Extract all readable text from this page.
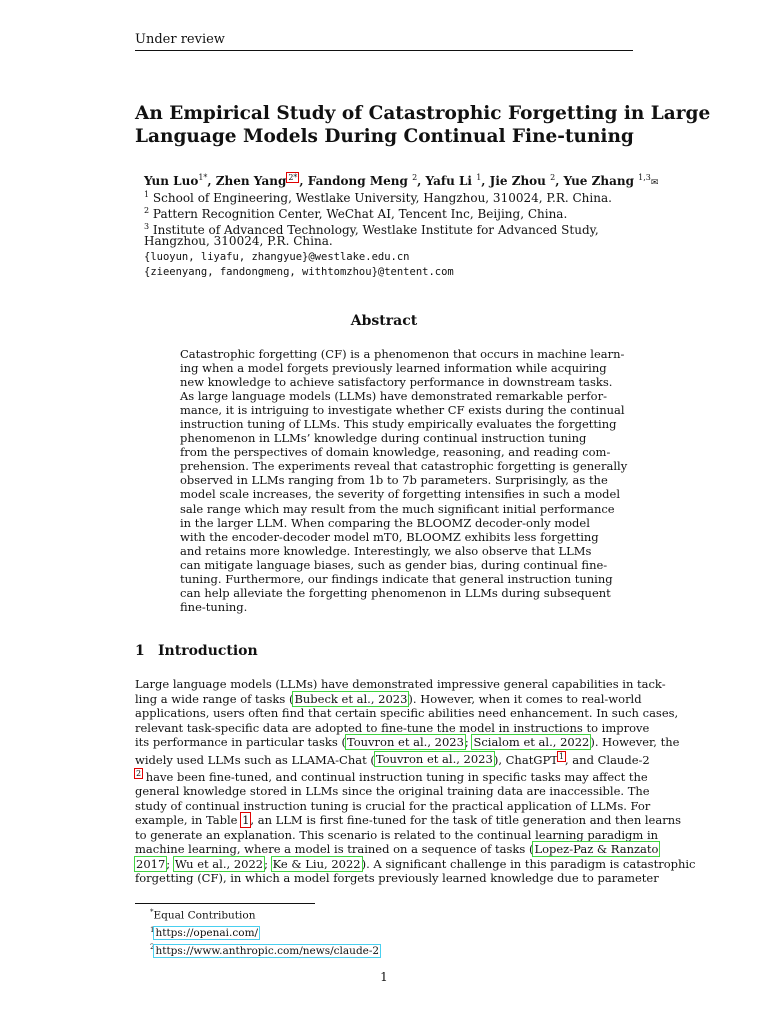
Under review
An Empirical Study of Catastrophic Forgetting in Large
Language Models During Continual Fine-tuning
Yun Luo$^{1*}$, Zhen Yang $^{2*}$ , Fandong Meng $^2$, Yafu Li $^1$, Jie Zhou $^2$, Yue Zhang $^{1,3}$✉
$^1$ School of Engineering, Westlake University, Hangzhou, 310024, P.R. China.
$^2$ Pattern Recognition Center, WeChat AI, Tencent Inc, Beijing, China.
$^3$ Institute of Advanced Technology, Westlake Institute for Advanced Study,
Hangzhou, 310024, P.R. China.
{luoyun, liyafu, zhangyue}@westlake.edu.cn
{zieenyang, fandongmeng, withtomzhou}@tentent.com
Abstract
Catastrophic forgetting (CF) is a phenomenon that occurs in machine learn-
ing when a model forgets previously learned information while acquiring
new knowledge to achieve satisfactory performance in downstream tasks.
As large language models (LLMs) have demonstrated remarkable perfor-
mance, it is intriguing to investigate whether CF exists during the continual
instruction tuning of LLMs. This study empirically evaluates the forgetting
phenomenon in LLMs’ knowledge during continual instruction tuning
from the perspectives of domain knowledge, reasoning, and reading com-
prehension. The experiments reveal that catastrophic forgetting is generally
observed in LLMs ranging from 1b to 7b parameters. Surprisingly, as the
model scale increases, the severity of forgetting intensifies in such a model
sale range which may result from the much significant initial performance
in the larger LLM. When comparing the BLOOMZ decoder-only model
with the encoder-decoder model mT0, BLOOMZ exhibits less forgetting
and retains more knowledge. Interestingly, we also observe that LLMs
can mitigate language biases, such as gender bias, during continual fine-
tuning. Furthermore, our findings indicate that general instruction tuning
can help alleviate the forgetting phenomenon in LLMs during subsequent
fine-tuning.
1 Introduction
Large language models (LLMs) have demonstrated impressive general capabilities in tack-
ling a wide range of tasks (Bubeck et al., 2023). However, when it comes to real-world
applications, users often find that certain specific abilities need enhancement. In such cases,
relevant task-specific data are adopted to fine-tune the model in instructions to improve
its performance in particular tasks (Touvron et al., 2023; Scialom et al., 2022). However, the
widely used LLMs such as LLAMA-Chat (Touvron et al., 2023), ChatGPT$^1$, and Claude-2
$^2$ have been fine-tuned, and continual instruction tuning in specific tasks may affect the
general knowledge stored in LLMs since the original training data are inaccessible. The
study of continual instruction tuning is crucial for the practical application of LLMs. For
example, in Table 1, an LLM is first fine-tuned for the task of title generation and then learns
to generate an explanation. This scenario is related to the continual learning paradigm in
machine learning, where a model is trained on a sequence of tasks (Lopez-Paz & Ranzato
2017; Wu et al., 2022; Ke & Liu, 2022). A significant challenge in this paradigm is catastrophic
forgetting (CF), in which a model forgets previously learned knowledge due to parameter
*Equal Contribution
$^1$https://openai.com/
$^2$https://www.anthropic.com/news/claude-2
1
